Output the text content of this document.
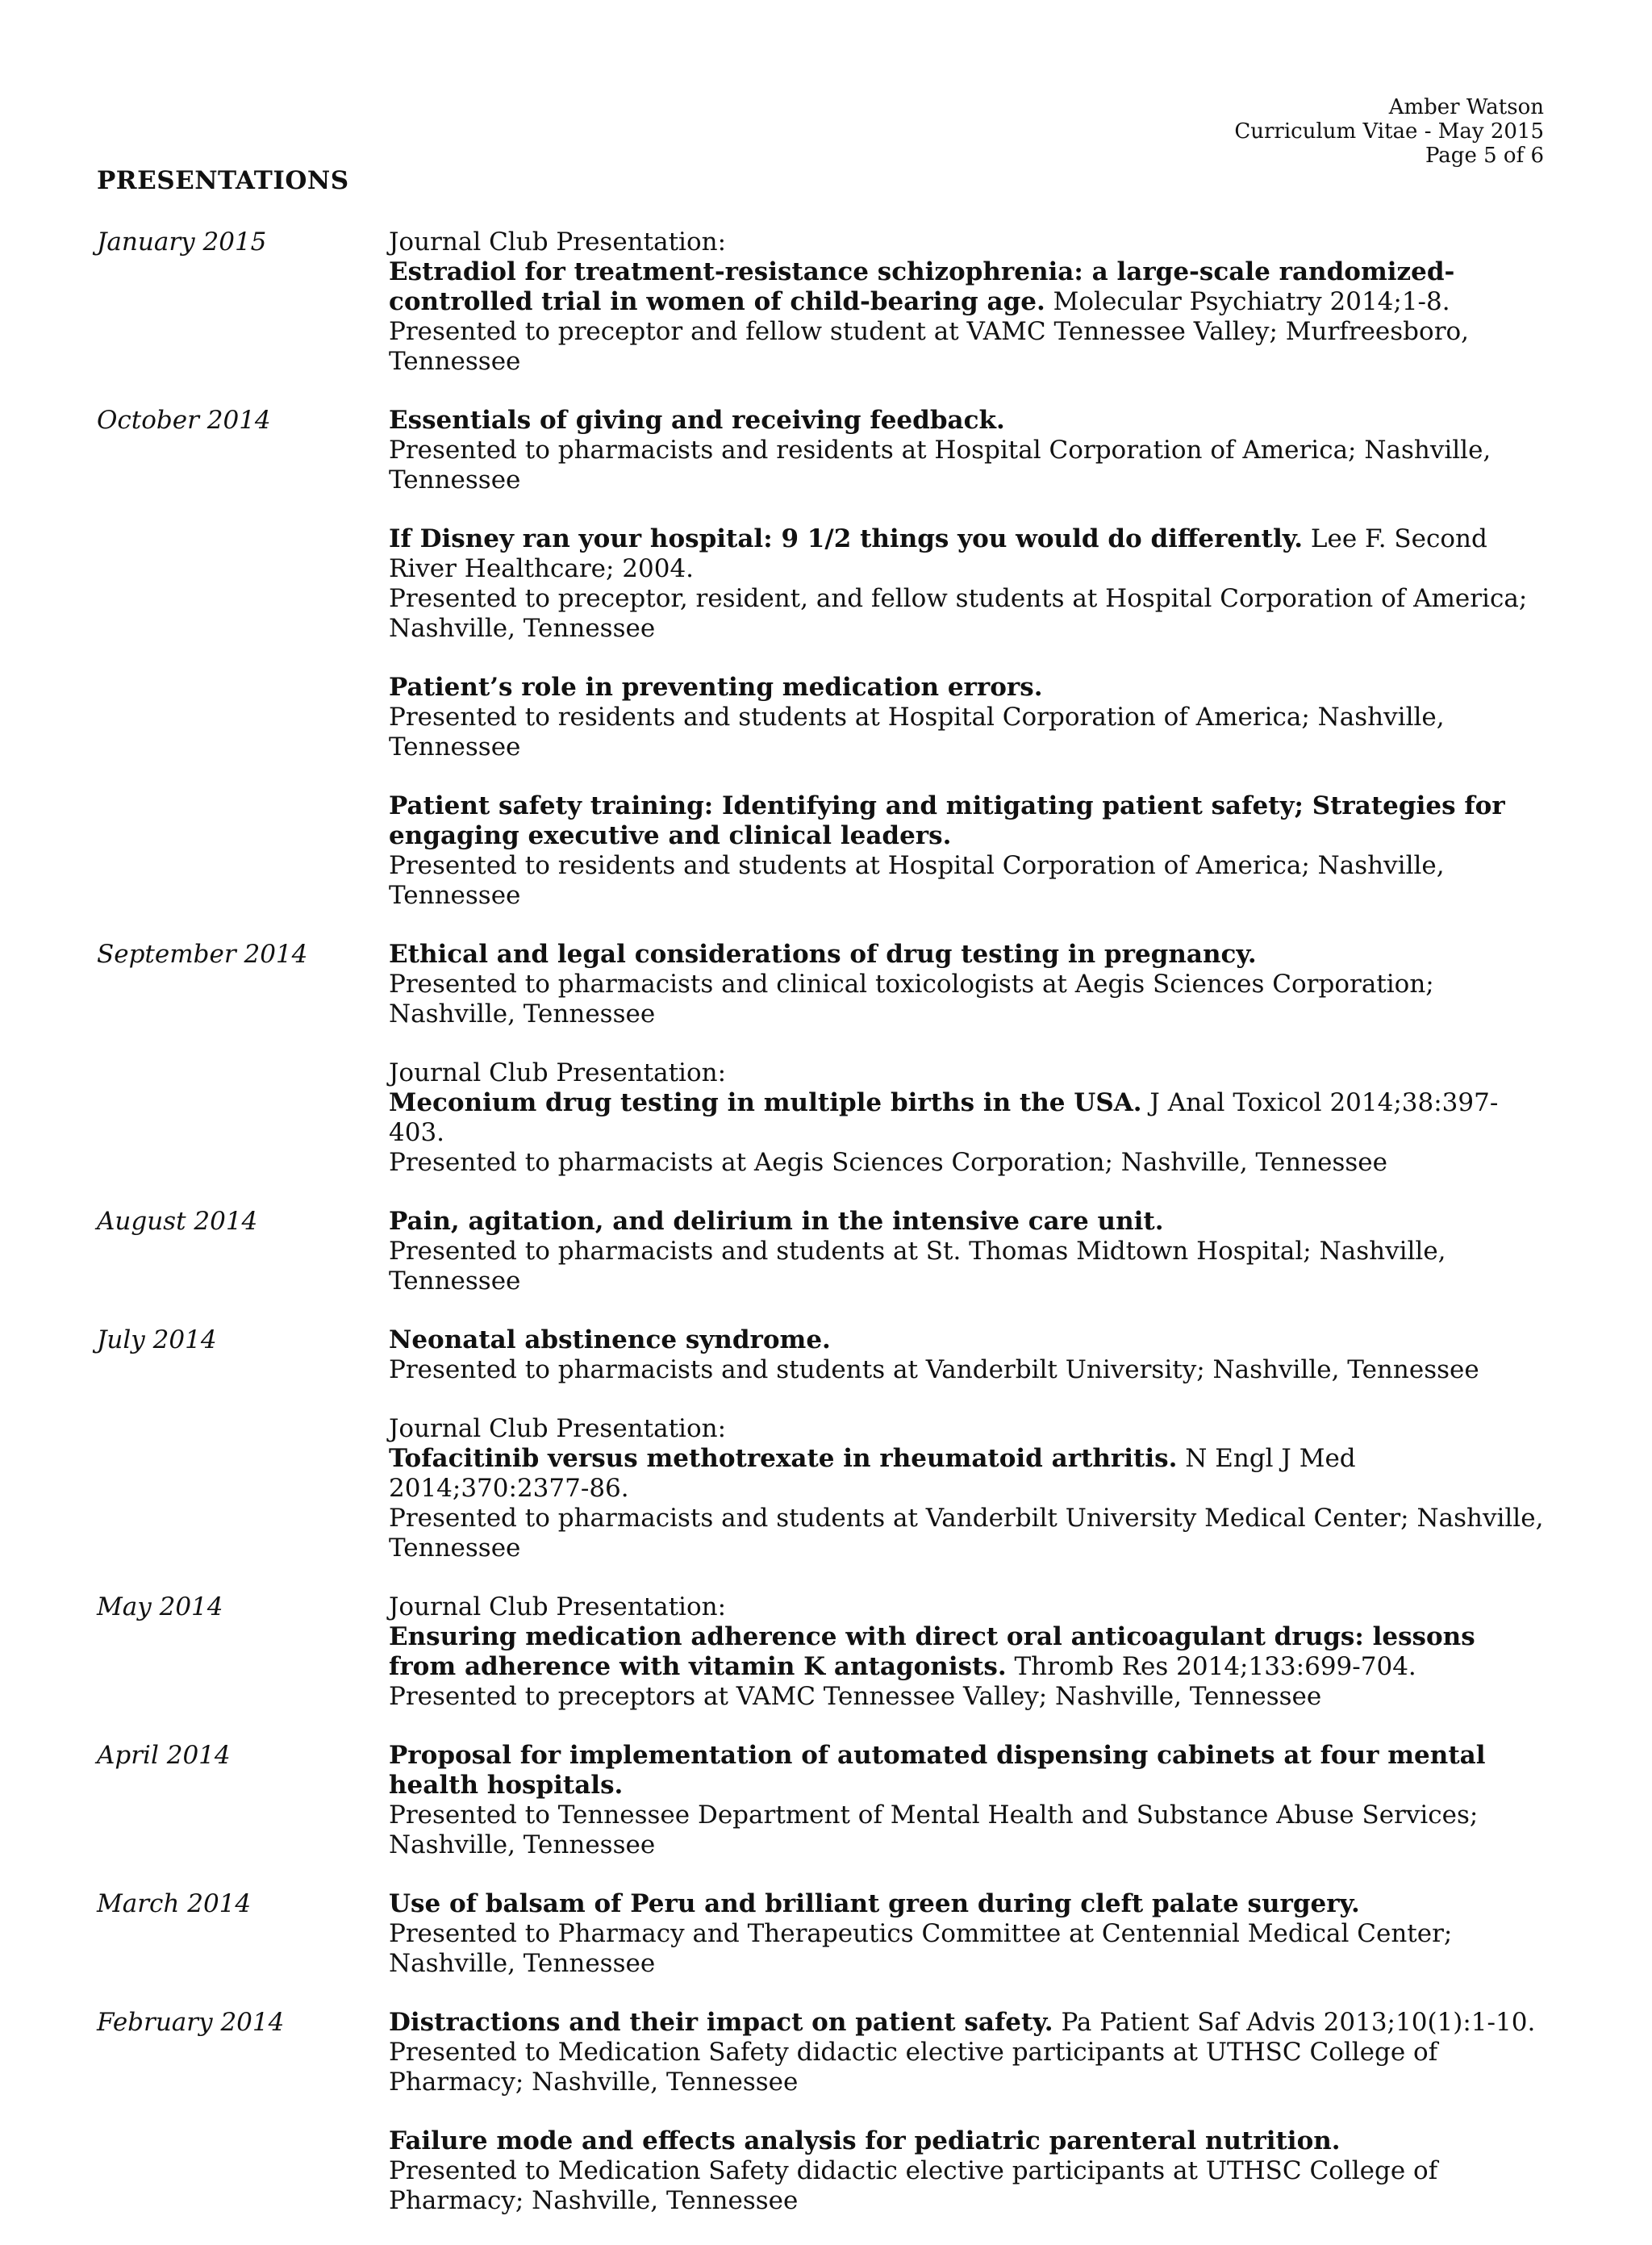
Amber Watson
Curriculum Vitae - May 2015
Page 5 of 6
PRESENTATIONS
January 2015	Journal Club Presentation:
Estradiol for treatment-resistance schizophrenia: a large-scale randomized-controlled trial in women of child-bearing age. Molecular Psychiatry 2014;1-8.
Presented to preceptor and fellow student at VAMC Tennessee Valley; Murfreesboro, Tennessee
October 2014	Essentials of giving and receiving feedback.
Presented to pharmacists and residents at Hospital Corporation of America; Nashville, Tennessee
If Disney ran your hospital: 9 1/2 things you would do differently. Lee F. Second River Healthcare; 2004.
Presented to preceptor, resident, and fellow students at Hospital Corporation of America; Nashville, Tennessee
Patient’s role in preventing medication errors.
Presented to residents and students at Hospital Corporation of America; Nashville, Tennessee
Patient safety training: Identifying and mitigating patient safety; Strategies for engaging executive and clinical leaders.
Presented to residents and students at Hospital Corporation of America; Nashville, Tennessee
September 2014	Ethical and legal considerations of drug testing in pregnancy.
Presented to pharmacists and clinical toxicologists at Aegis Sciences Corporation; Nashville, Tennessee
Journal Club Presentation:
Meconium drug testing in multiple births in the USA. J Anal Toxicol 2014;38:397-403.
Presented to pharmacists at Aegis Sciences Corporation; Nashville, Tennessee
August 2014	Pain, agitation, and delirium in the intensive care unit.
Presented to pharmacists and students at St. Thomas Midtown Hospital; Nashville, Tennessee
July 2014	Neonatal abstinence syndrome.
Presented to pharmacists and students at Vanderbilt University; Nashville, Tennessee
Journal Club Presentation:
Tofacitinib versus methotrexate in rheumatoid arthritis. N Engl J Med 2014;370:2377-86.
Presented to pharmacists and students at Vanderbilt University Medical Center; Nashville, Tennessee
May 2014	Journal Club Presentation:
Ensuring medication adherence with direct oral anticoagulant drugs: lessons from adherence with vitamin K antagonists. Thromb Res 2014;133:699-704.
Presented to preceptors at VAMC Tennessee Valley; Nashville, Tennessee
April 2014	Proposal for implementation of automated dispensing cabinets at four mental health hospitals.
Presented to Tennessee Department of Mental Health and Substance Abuse Services; Nashville, Tennessee
March 2014	Use of balsam of Peru and brilliant green during cleft palate surgery.
Presented to Pharmacy and Therapeutics Committee at Centennial Medical Center; Nashville, Tennessee
February 2014	Distractions and their impact on patient safety. Pa Patient Saf Advis 2013;10(1):1-10.
Presented to Medication Safety didactic elective participants at UTHSC College of Pharmacy; Nashville, Tennessee
Failure mode and effects analysis for pediatric parenteral nutrition.
Presented to Medication Safety didactic elective participants at UTHSC College of Pharmacy; Nashville, Tennessee
